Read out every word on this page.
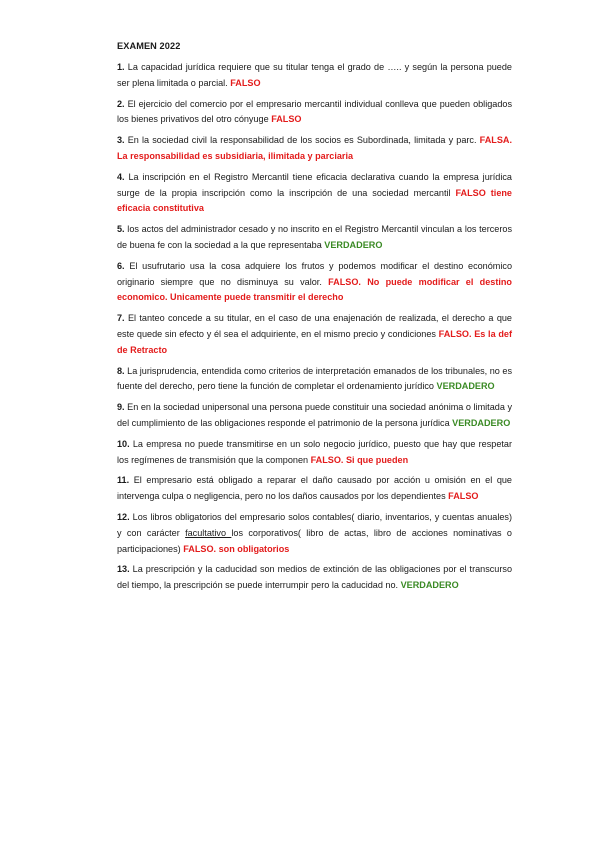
EXAMEN 2022

1. La capacidad jurídica requiere que su titular tenga el grado de ….. y según la persona puede ser plena limitada o parcial. FALSO

2. El ejercicio del comercio por el empresario mercantil individual conlleva que pueden obligados los bienes privativos del otro cónyuge FALSO

3. En la sociedad civil la responsabilidad de los socios es Subordinada, limitada y parc. FALSA. La responsabilidad es subsidiaria, ilimitada y parciaria

4. La inscripción en el Registro Mercantil tiene eficacia declarativa cuando la empresa jurídica surge de la propia inscripción como la inscripción de una sociedad mercantil FALSO tiene eficacia constitutiva

5. los actos del administrador cesado y no inscrito en el Registro Mercantil vinculan a los terceros de buena fe con la sociedad a la que representaba VERDADERO

6. El usufrutario usa la cosa adquiere los frutos y podemos modificar el destino económico originario siempre que no disminuya su valor. FALSO. No puede modificar el destino economico. Unicamente puede transmitir el derecho

7. El tanteo concede a su titular, en el caso de una enajenación de realizada, el derecho a que este quede sin efecto y él sea el adquiriente, en el mismo precio y condiciones FALSO. Es la def de Retracto

8. La jurisprudencia, entendida como criterios de interpretación emanados de los tribunales, no es fuente del derecho, pero tiene la función de completar el ordenamiento jurídico VERDADERO

9. En en la sociedad unipersonal una persona puede constituir una sociedad anónima o limitada y del cumplimiento de las obligaciones responde el patrimonio de la persona jurídica VERDADERO

10. La empresa no puede transmitirse en un solo negocio jurídico, puesto que hay que respetar los regímenes de transmisión que la componen FALSO. Si que pueden

11. El empresario está obligado a reparar el daño causado por acción u omisión en el que intervenga culpa o negligencia, pero no los daños causados por los dependientes FALSO

12. Los libros obligatorios del empresario solos contables( diario, inventarios, y cuentas anuales) y con carácter facultativo los corporativos( libro de actas, libro de acciones nominativas o participaciones) FALSO. son obligatorios

13. La prescripción y la caducidad son medios de extinción de las obligaciones por el transcurso del tiempo, la prescripción se puede interrumpir pero la caducidad no. VERDADERO
